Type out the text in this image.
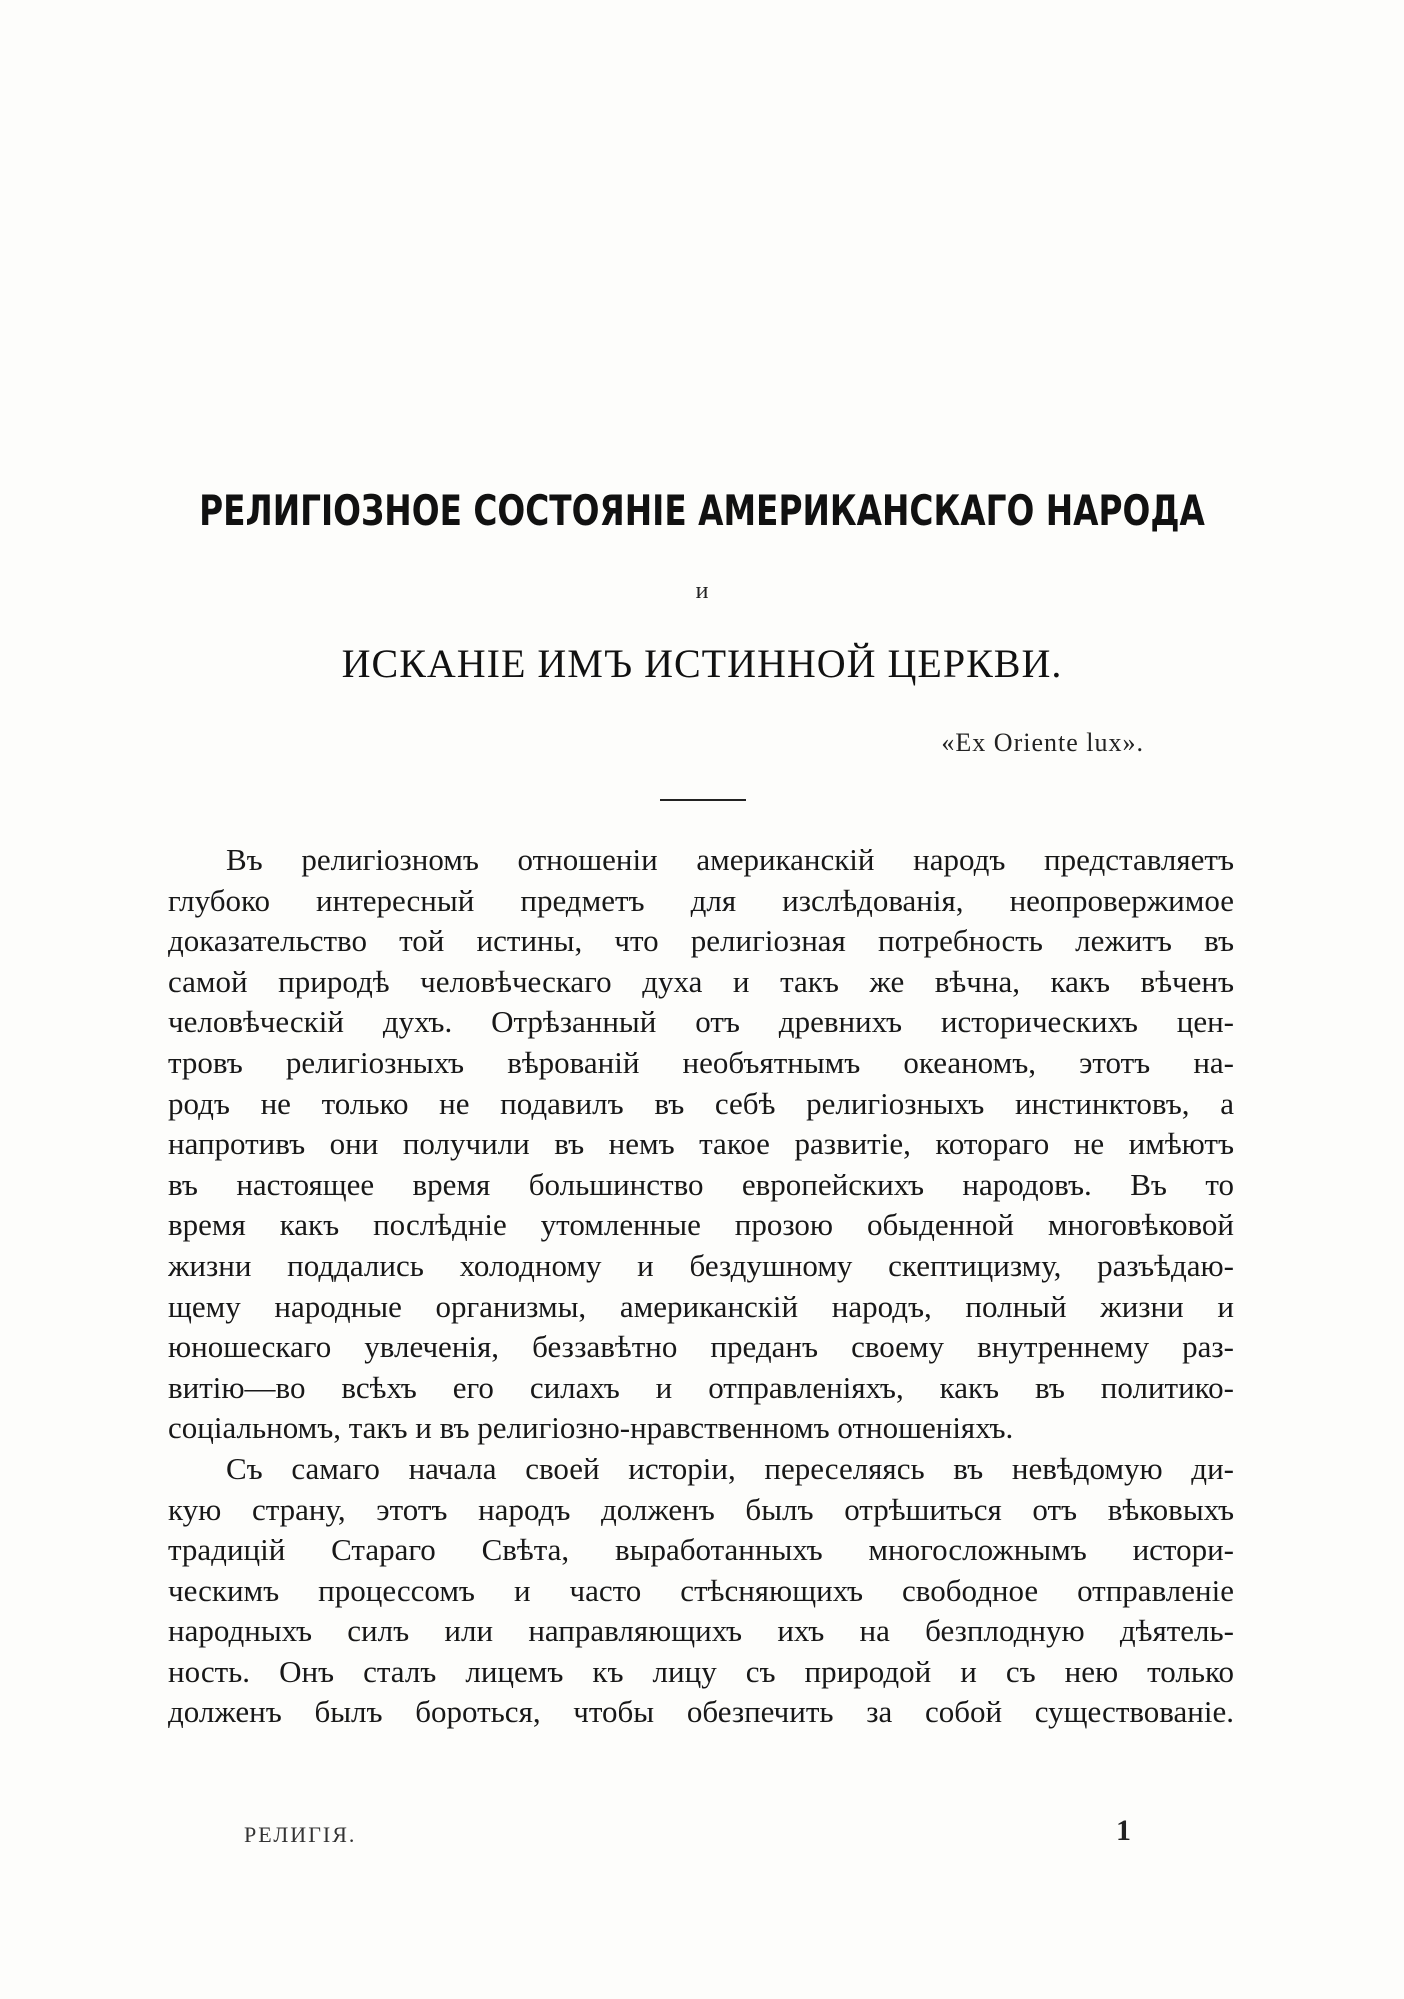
РЕЛИГІОЗНОЕ СОСТОЯНІЕ АМЕРИКАНСКАГО НАРОДА
и
ИСКАНІЕ ИМЪ ИСТИННОЙ ЦЕРКВИ.
«Ex Oriente lux».
Въ религіозномъ отношеніи американскій народъ представляетъ
глубоко интересный предметъ для изслѣдованія, неопровержимое
доказательство той истины, что религіозная потребность лежитъ въ
самой природѣ человѣческаго духа и такъ же вѣчна, какъ вѣченъ
человѣческій духъ. Отрѣзанный отъ древнихъ историческихъ цен-
тровъ религіозныхъ вѣрованій необъятнымъ океаномъ, этотъ на-
родъ не только не подавилъ въ себѣ религіозныхъ инстинктовъ, а
напротивъ они получили въ немъ такое развитіе, котораго не имѣютъ
въ настоящее время большинство европейскихъ народовъ. Въ то
время какъ послѣдніе утомленные прозою обыденной многовѣковой
жизни поддались холодному и бездушному скептицизму, разъѣдаю-
щему народные организмы, американскій народъ, полный жизни и
юношескаго увлеченія, беззавѣтно преданъ своему внутреннему раз-
витію—во всѣхъ его силахъ и отправленіяхъ, какъ въ политико-
соціальномъ, такъ и въ религіозно-нравственномъ отношеніяхъ.
Съ самаго начала своей исторіи, переселяясь въ невѣдомую ди-
кую страну, этотъ народъ долженъ былъ отрѣшиться отъ вѣковыхъ
традицій Стараго Свѣта, выработанныхъ многосложнымъ истори-
ческимъ процессомъ и часто стѣсняющихъ свободное отправленіе
народныхъ силъ или направляющихъ ихъ на безплодную дѣятель-
ность. Онъ сталъ лицемъ къ лицу съ природой и съ нею только
долженъ былъ бороться, чтобы обезпечить за собой существованіе.
РЕЛИГІЯ.	1
